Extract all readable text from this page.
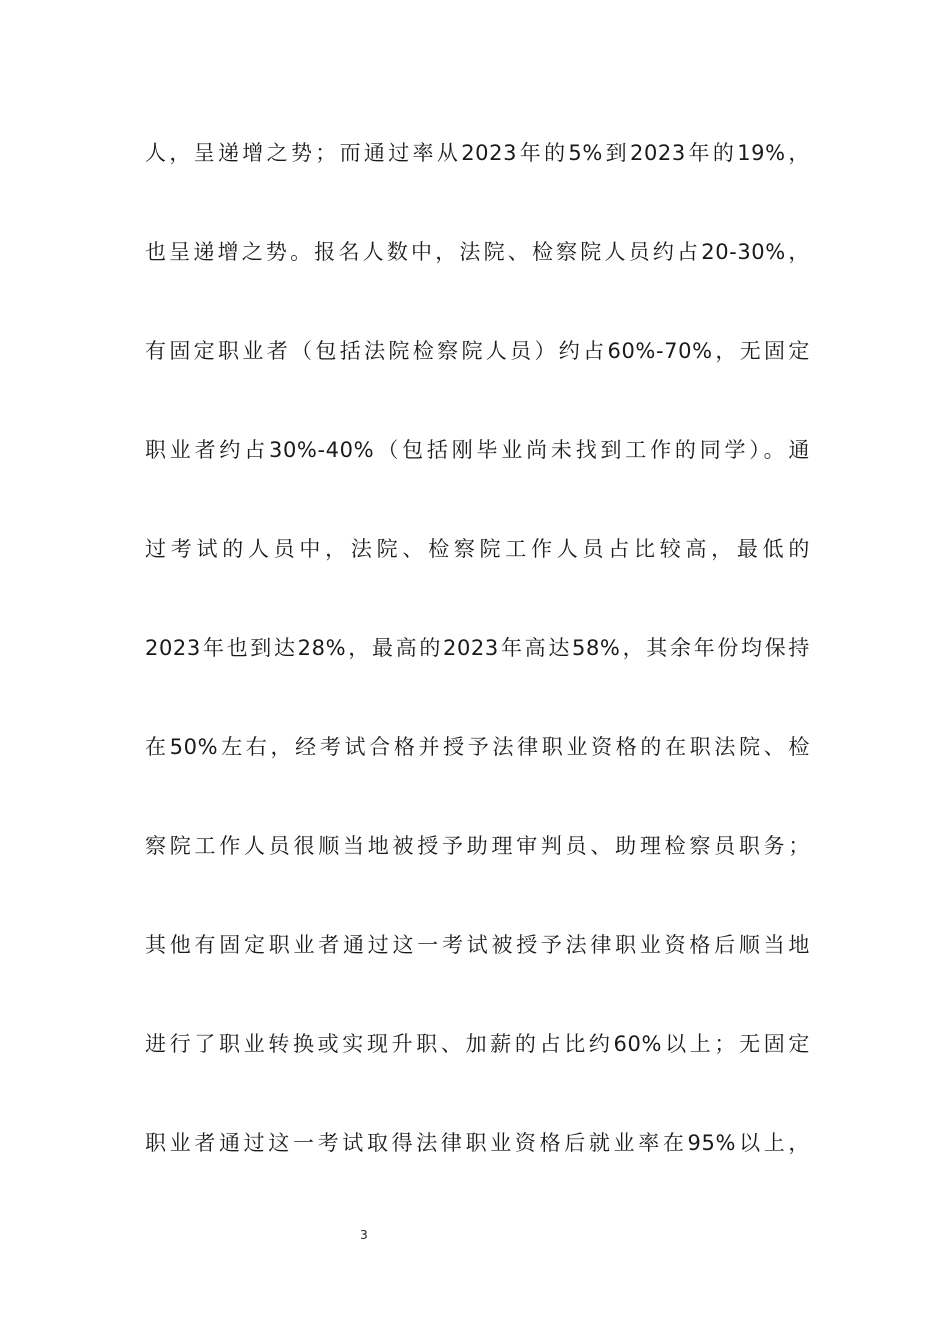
人，呈递增之势；而通过率从2023年的5%到2023年的19%，
也呈递增之势。报名人数中，法院、检察院人员约占20-30%，
有固定职业者（包括法院检察院人员）约占60%-70%，无固定
职业者约占30%-40%（包括刚毕业尚未找到工作的同学）。通
过考试的人员中，法院、检察院工作人员占比较高，最低的
2023年也到达28%，最高的2023年高达58%，其余年份均保持
在50%左右，经考试合格并授予法律职业资格的在职法院、检
察院工作人员很顺当地被授予助理审判员、助理检察员职务；
其他有固定职业者通过这一考试被授予法律职业资格后顺当地
进行了职业转换或实现升职、加薪的占比约60%以上；无固定
职业者通过这一考试取得法律职业资格后就业率在95%以上，
3
